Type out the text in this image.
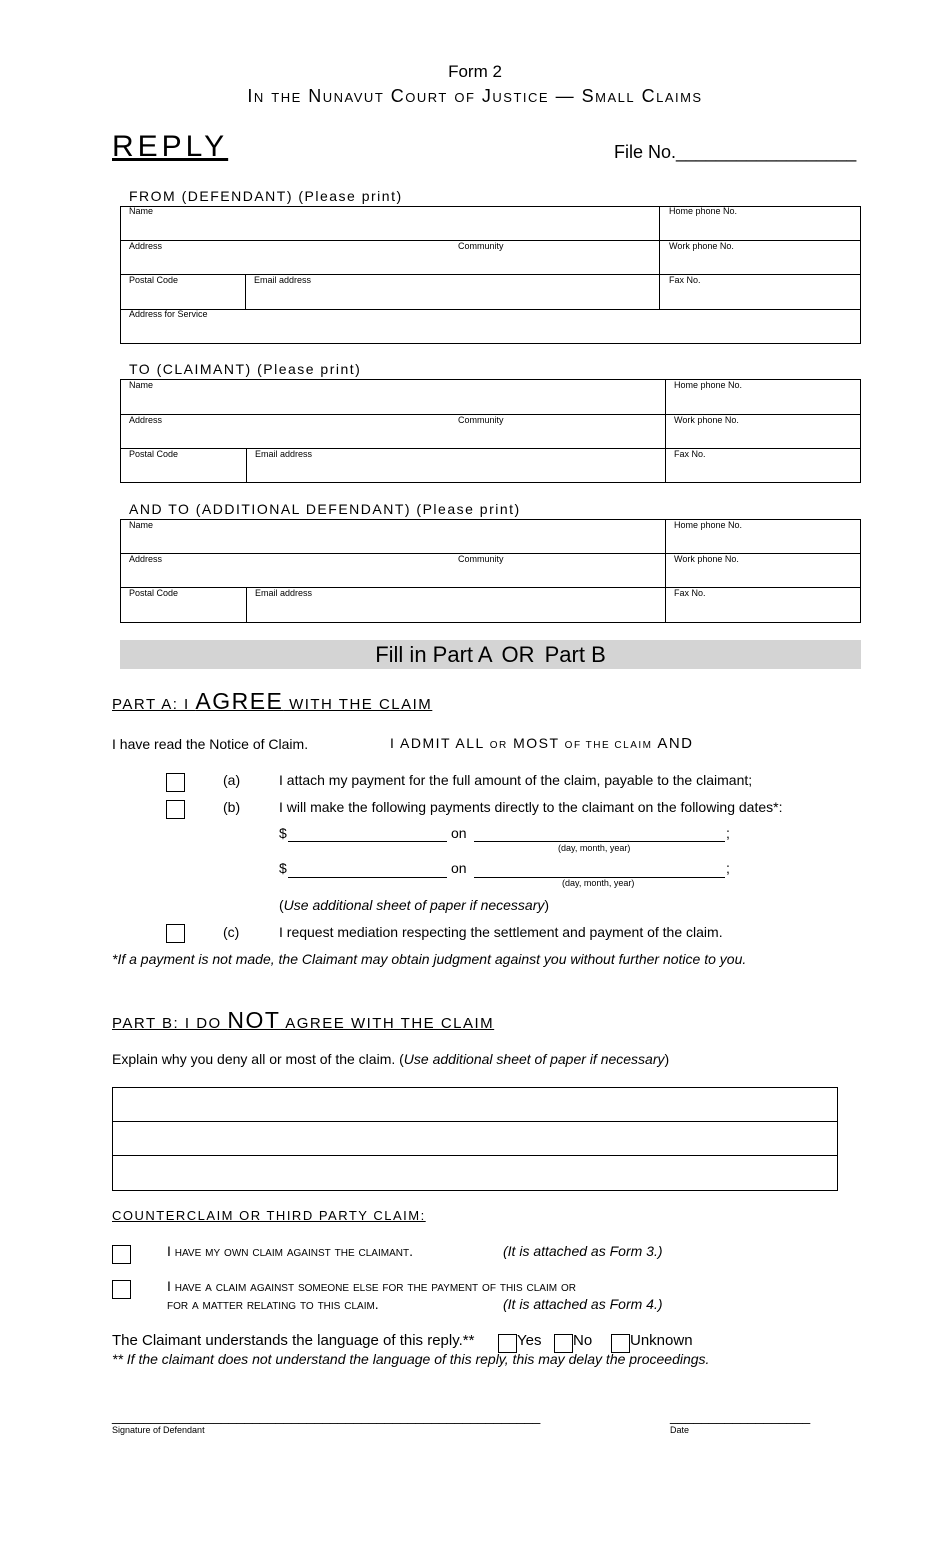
Form 2
In the Nunavut Court of Justice — Small Claims
REPLY	File No.__________________
FROM (DEFENDANT) (Please print)
Name	Home phone No.
Address	Community	Work phone No.
Postal Code	Email address	Fax No.
Address for Service
TO (CLAIMANT) (Please print)
Name	Home phone No.
Address	Community	Work phone No.
Postal Code	Email address	Fax No.
AND TO (ADDITIONAL DEFENDANT) (Please print)
Name	Home phone No.
Address	Community	Work phone No.
Postal Code	Email address	Fax No.
Fill in Part A OR Part B
PART A: I AGREE WITH THE CLAIM
I have read the Notice of Claim.	I ADMIT ALL OR MOST OF THE CLAIM AND
(a)	I attach my payment for the full amount of the claim, payable to the claimant;
(b)	I will make the following payments directly to the claimant on the following dates*:
$	on	;
(day, month, year)
$	on	;
(day, month, year)
(Use additional sheet of paper if necessary)
(c)	I request mediation respecting the settlement and payment of the claim.
*If a payment is not made, the Claimant may obtain judgment against you without further notice to you.
PART B: I DO NOT AGREE WITH THE CLAIM
Explain why you deny all or most of the claim. (Use additional sheet of paper if necessary)
COUNTERCLAIM OR THIRD PARTY CLAIM:
I have my own claim against the claimant.	(It is attached as Form 3.)
I have a claim against someone else for the payment of this claim or
for a matter relating to this claim.	(It is attached as Form 4.)
The Claimant understands the language of this reply.**	Yes No	Unknown
** If the claimant does not understand the language of this reply, this may delay the proceedings.
_______________________________________________________
Signature of Defendant
__________________
Date
